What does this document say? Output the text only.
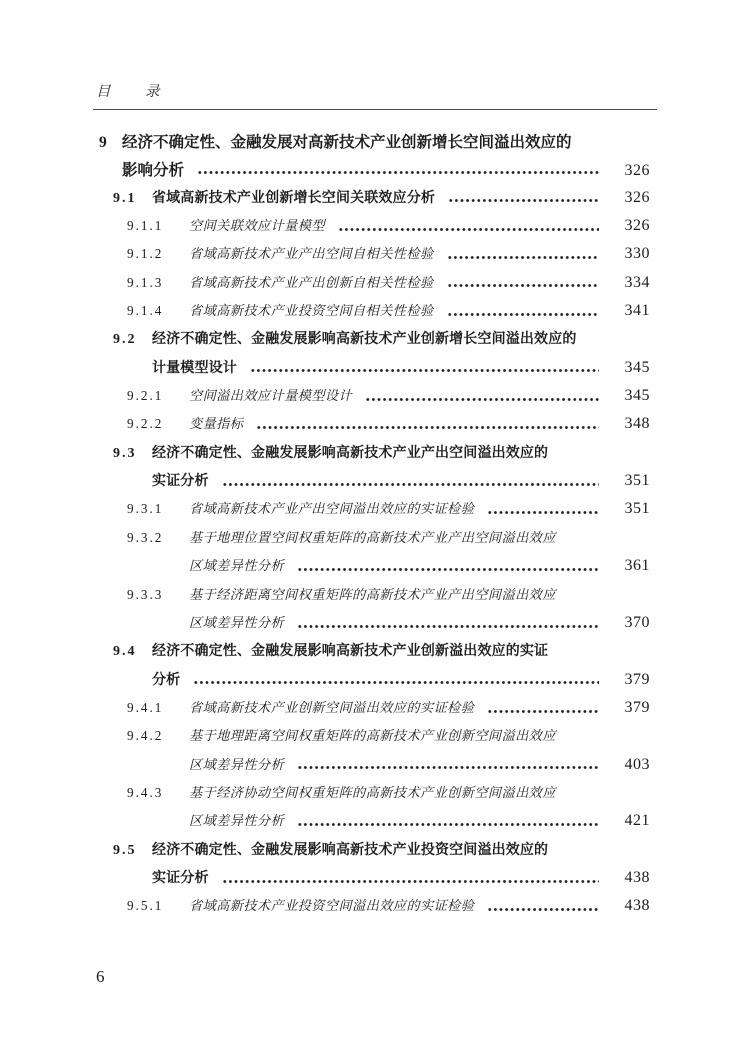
目 录
9 经济不确定性、金融发展对高新技术产业创新增长空间溢出效应的
影响分析	326
9.1	省域高新技术产业创新增长空间关联效应分析	326
9.1.1	空间关联效应计量模型	326
9.1.2	省域高新技术产业产出空间自相关性检验	330
9.1.3	省域高新技术产业产出创新自相关性检验	334
9.1.4	省域高新技术产业投资空间自相关性检验	341
9.2	经济不确定性、金融发展影响高新技术产业创新增长空间溢出效应的
计量模型设计	345
9.2.1	空间溢出效应计量模型设计	345
9.2.2	变量指标	348
9.3	经济不确定性、金融发展影响高新技术产业产出空间溢出效应的
实证分析	351
9.3.1	省域高新技术产业产出空间溢出效应的实证检验	351
9.3.2	基于地理位置空间权重矩阵的高新技术产业产出空间溢出效应
区域差异性分析	361
9.3.3	基于经济距离空间权重矩阵的高新技术产业产出空间溢出效应
区域差异性分析	370
9.4	经济不确定性、金融发展影响高新技术产业创新溢出效应的实证
分析	379
9.4.1	省域高新技术产业创新空间溢出效应的实证检验	379
9.4.2	基于地理距离空间权重矩阵的高新技术产业创新空间溢出效应
区域差异性分析	403
9.4.3	基于经济协动空间权重矩阵的高新技术产业创新空间溢出效应
区域差异性分析	421
9.5	经济不确定性、金融发展影响高新技术产业投资空间溢出效应的
实证分析	438
9.5.1	省域高新技术产业投资空间溢出效应的实证检验	438
6
